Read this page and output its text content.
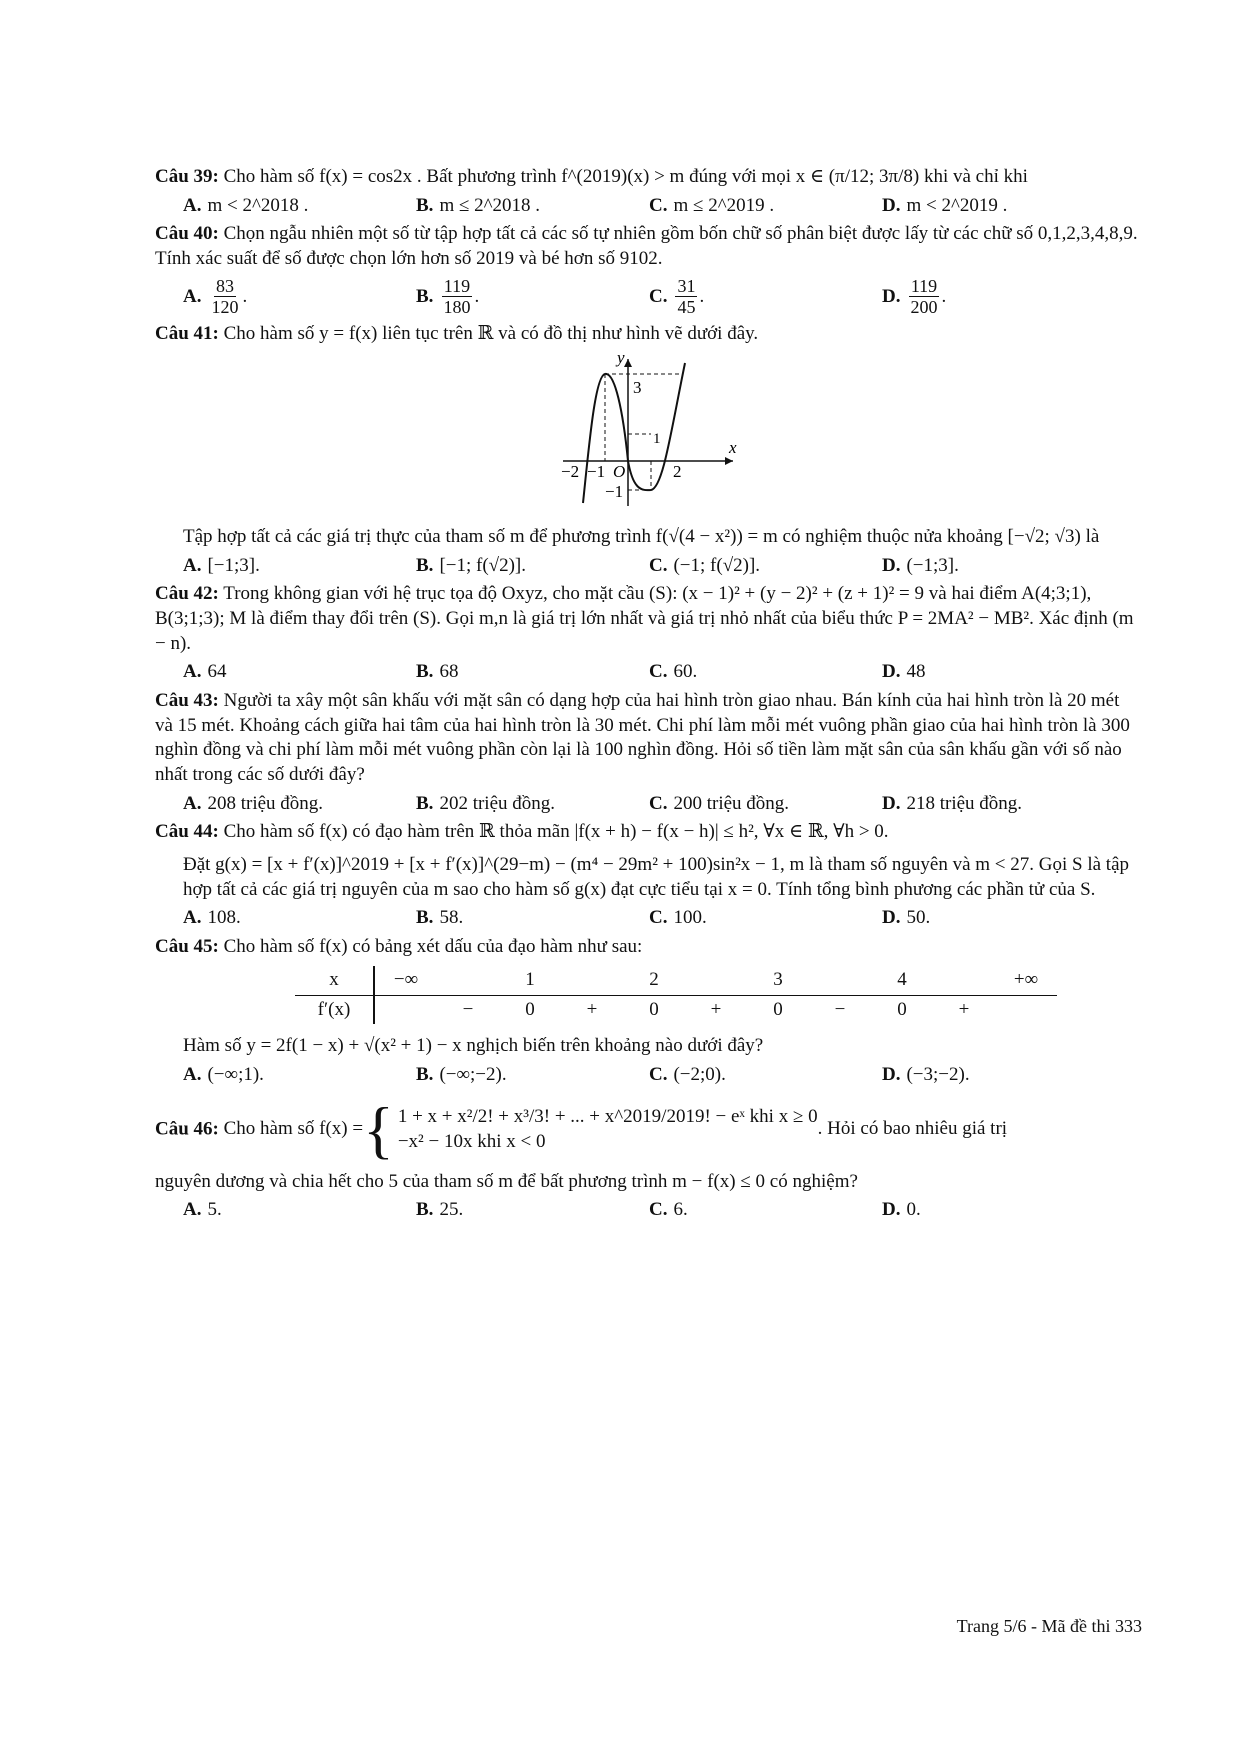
Câu 39: Cho hàm số f(x) = cos2x . Bất phương trình f^(2019)(x) > m đúng với mọi x ∈ (π/12; 3π/8) khi và chỉ khi
A. m < 2^2018 .	B. m ≤ 2^2018 .	C. m ≤ 2^2019 .	D. m < 2^2019 .
Câu 40: Chọn ngẫu nhiên một số từ tập hợp tất cả các số tự nhiên gồm bốn chữ số phân biệt được lấy từ các chữ số 0,1,2,3,4,8,9. Tính xác suất để số được chọn lớn hơn số 2019 và bé hơn số 9102.
A. $\frac{83}{120}$ .	B. $\frac{119}{180}$ .	C. $\frac{31}{45}$ .	D. $\frac{119}{200}$ .
Câu 41: Cho hàm số y = f(x) liên tục trên ℝ và có đồ thị như hình vẽ dưới đây.
y
x
O
−2 −1	2
3
1
−1
Tập hợp tất cả các giá trị thực của tham số m để phương trình f(√(4 − x²)) = m có nghiệm thuộc nửa khoảng [−√2; √3) là
A. [−1;3].	B. [−1; f(√2)].	C. (−1; f(√2)].	D. (−1;3].
Câu 42: Trong không gian với hệ trục tọa độ Oxyz, cho mặt cầu (S): (x − 1)² + (y − 2)² + (z + 1)² = 9 và hai điểm A(4;3;1), B(3;1;3); M là điểm thay đổi trên (S). Gọi m,n là giá trị lớn nhất và giá trị nhỏ nhất của biểu thức P = 2MA² − MB². Xác định (m − n).
A. 64	B. 68	C. 60.	D. 48
Câu 43: Người ta xây một sân khấu với mặt sân có dạng hợp của hai hình tròn giao nhau. Bán kính của hai hình tròn là 20 mét và 15 mét. Khoảng cách giữa hai tâm của hai hình tròn là 30 mét. Chi phí làm mỗi mét vuông phần giao của hai hình tròn là 300 nghìn đồng và chi phí làm mỗi mét vuông phần còn lại là 100 nghìn đồng. Hỏi số tiền làm mặt sân của sân khấu gần với số nào nhất trong các số dưới đây?
A. 208 triệu đồng.	B. 202 triệu đồng.	C. 200 triệu đồng.	D. 218 triệu đồng.
Câu 44: Cho hàm số f(x) có đạo hàm trên ℝ thỏa mãn |f(x + h) − f(x − h)| ≤ h², ∀x ∈ ℝ, ∀h > 0.
Đặt g(x) = [x + f′(x)]^2019 + [x + f′(x)]^(29−m) − (m⁴ − 29m² + 100)sin²x − 1, m là tham số nguyên và m < 27. Gọi S là tập hợp tất cả các giá trị nguyên của m sao cho hàm số g(x) đạt cực tiểu tại x = 0. Tính tổng bình phương các phần tử của S.
A. 108.	B. 58.	C. 100.	D. 50.
Câu 45: Cho hàm số f(x) có bảng xét dấu của đạo hàm như sau:
x	−∞		1		2		3		4		+∞
f′(x)		−	0	+	0	+	0	−	0	+	
Hàm số y = 2f(1 − x) + √(x² + 1) − x nghịch biến trên khoảng nào dưới đây?
A. (−∞;1).	B. (−∞;−2).	C. (−2;0).	D. (−3;−2).
Câu 46: Cho hàm số f(x) = { 1 + x + x²/2! + x³/3! + ... + x^2019/2019! − eˣ khi x ≥ 0
−x² − 10x khi x < 0
. Hỏi có bao nhiêu giá trị
nguyên dương và chia hết cho 5 của tham số m để bất phương trình m − f(x) ≤ 0 có nghiệm?
A. 5.	B. 25.	C. 6.	D. 0.
Trang 5/6 - Mã đề thi 333
